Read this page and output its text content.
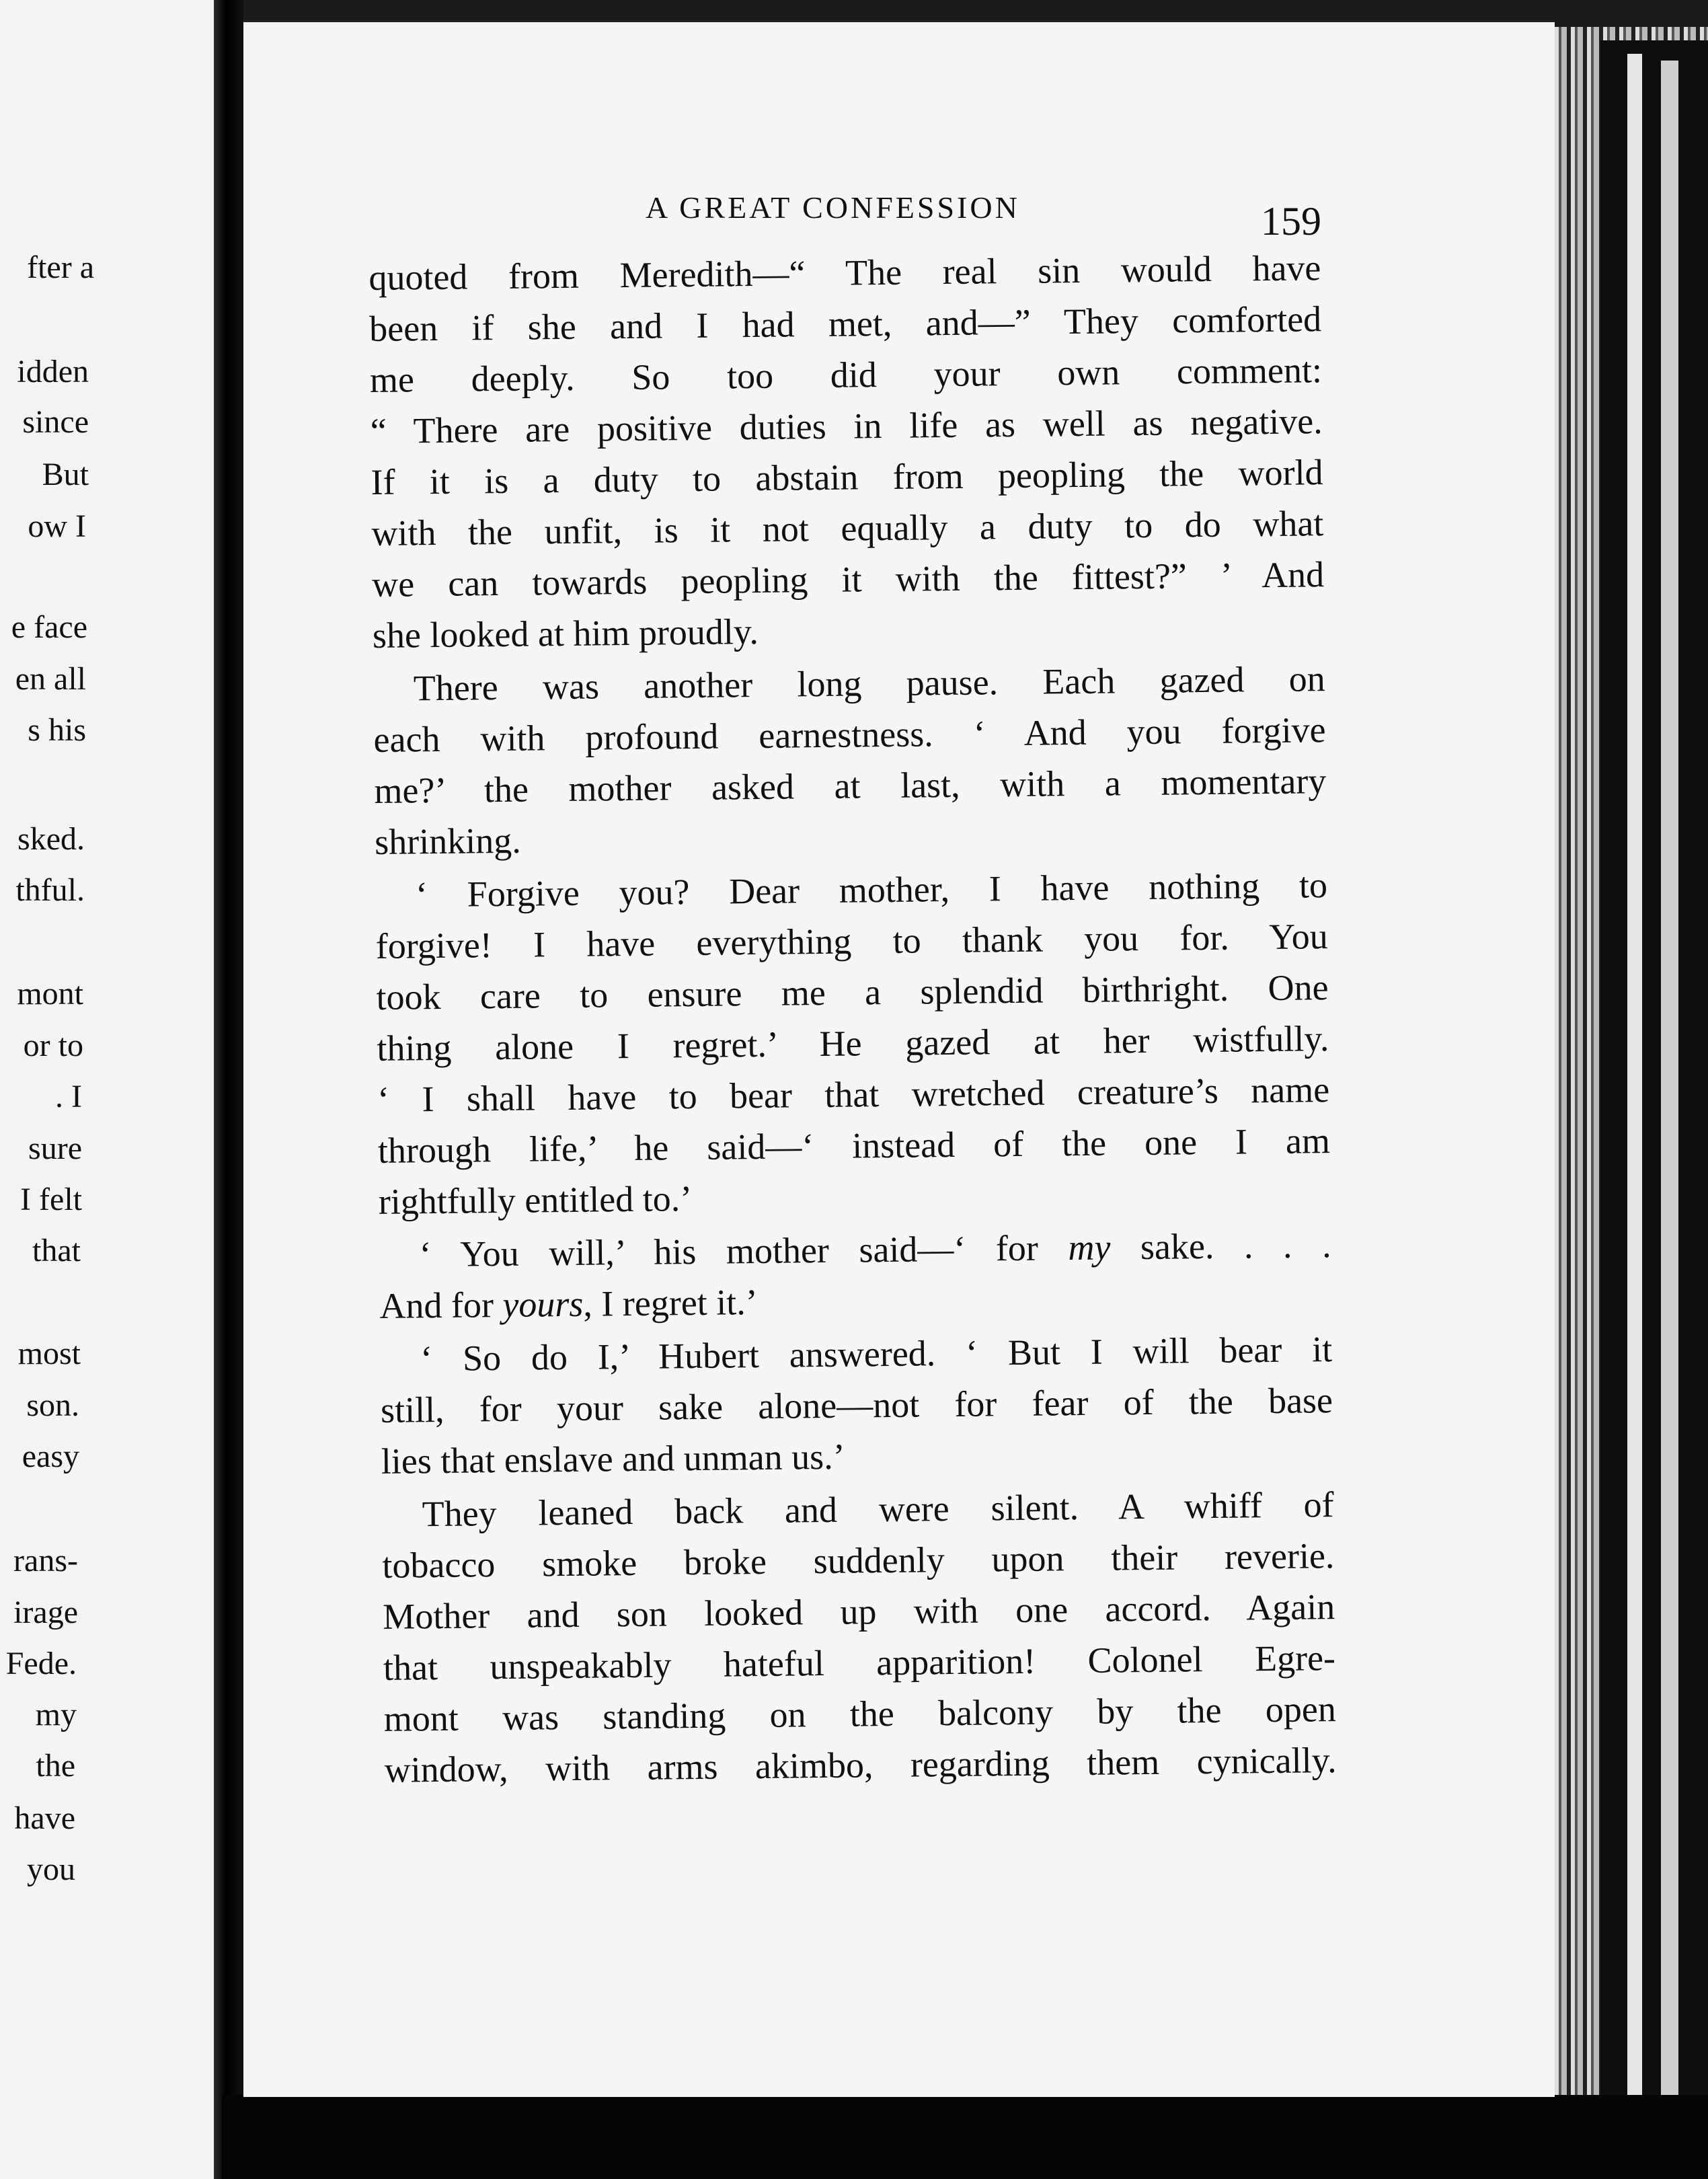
fter a

idden

since

But

ow I

e face

en all

s his

sked.

thful.

mont

or to

. I

sure

I felt

that

most

son.

easy

rans-

irage

Fede.

my

the

have

you

A GREAT CONFESSION	159

quoted from Meredith—“ The real sin would have
been if she and I had met, and—” They comforted
me deeply. So too did your own comment:
“ There are positive duties in life as well as negative.
If it is a duty to abstain from peopling the world
with the unfit, is it not equally a duty to do what
we can towards peopling it with the fittest?” ’ And
she looked at him proudly.
There was another long pause. Each gazed on
each with profound earnestness. ‘ And you forgive
me?’ the mother asked at last, with a momentary
shrinking.
‘ Forgive you? Dear mother, I have nothing to
forgive! I have everything to thank you for. You
took care to ensure me a splendid birthright. One
thing alone I regret.’ He gazed at her wistfully.
‘ I shall have to bear that wretched creature’s name
through life,’ he said—‘ instead of the one I am
rightfully entitled to.’
‘ You will,’ his mother said—‘ for my sake. . . .
And for yours, I regret it.’
‘ So do I,’ Hubert answered. ‘ But I will bear it
still, for your sake alone—not for fear of the base
lies that enslave and unman us.’
They leaned back and were silent. A whiff of
tobacco smoke broke suddenly upon their reverie.
Mother and son looked up with one accord. Again
that unspeakably hateful apparition! Colonel Egre-
mont was standing on the balcony by the open
window, with arms akimbo, regarding them cynically.
